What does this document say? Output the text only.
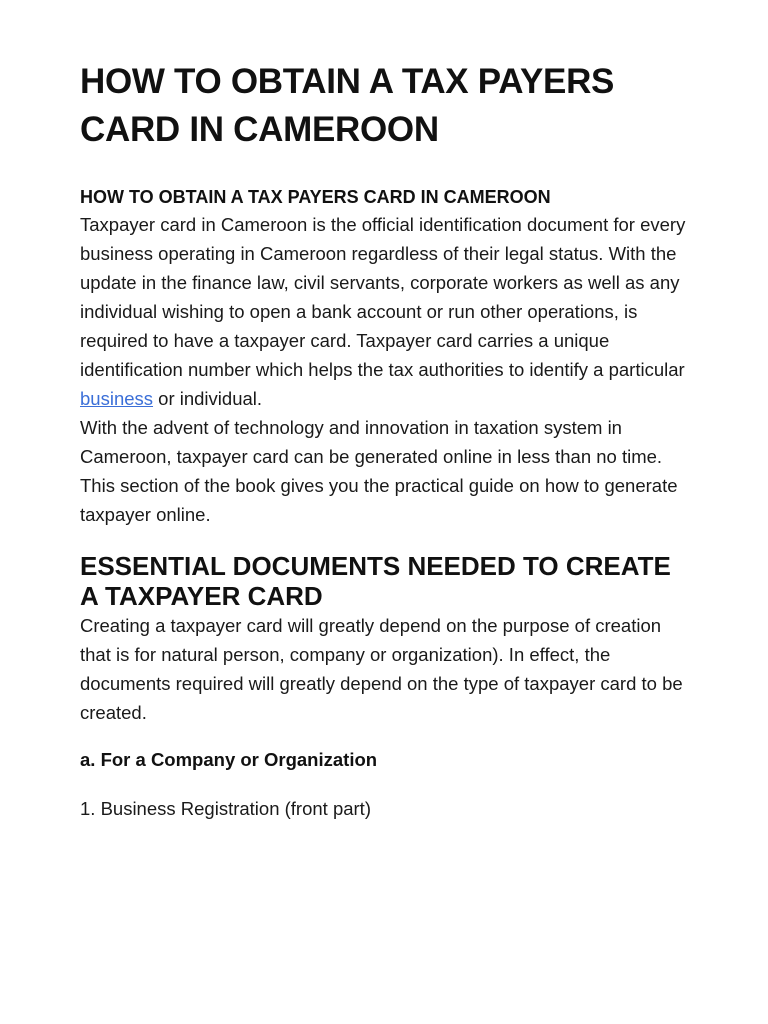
HOW TO OBTAIN A TAX PAYERS CARD IN CAMEROON
HOW TO OBTAIN A TAX PAYERS CARD IN CAMEROON

Taxpayer card in Cameroon is the official identification document for every business operating in Cameroon regardless of their legal status. With the update in the finance law, civil servants, corporate workers as well as any individual wishing to open a bank account or run other operations, is required to have a taxpayer card. Taxpayer card carries a unique identification number which helps the tax authorities to identify a particular business or individual.

With the advent of technology and innovation in taxation system in Cameroon, taxpayer card can be generated online in less than no time. This section of the book gives you the practical guide on how to generate taxpayer online.

ESSENTIAL DOCUMENTS NEEDED TO CREATE A TAXPAYER CARD

Creating a taxpayer card will greatly depend on the purpose of creation that is for natural person, company or organization). In effect, the documents required will greatly depend on the type of taxpayer card to be created.

a. For a Company or Organization
1. Business Registration (front part)
